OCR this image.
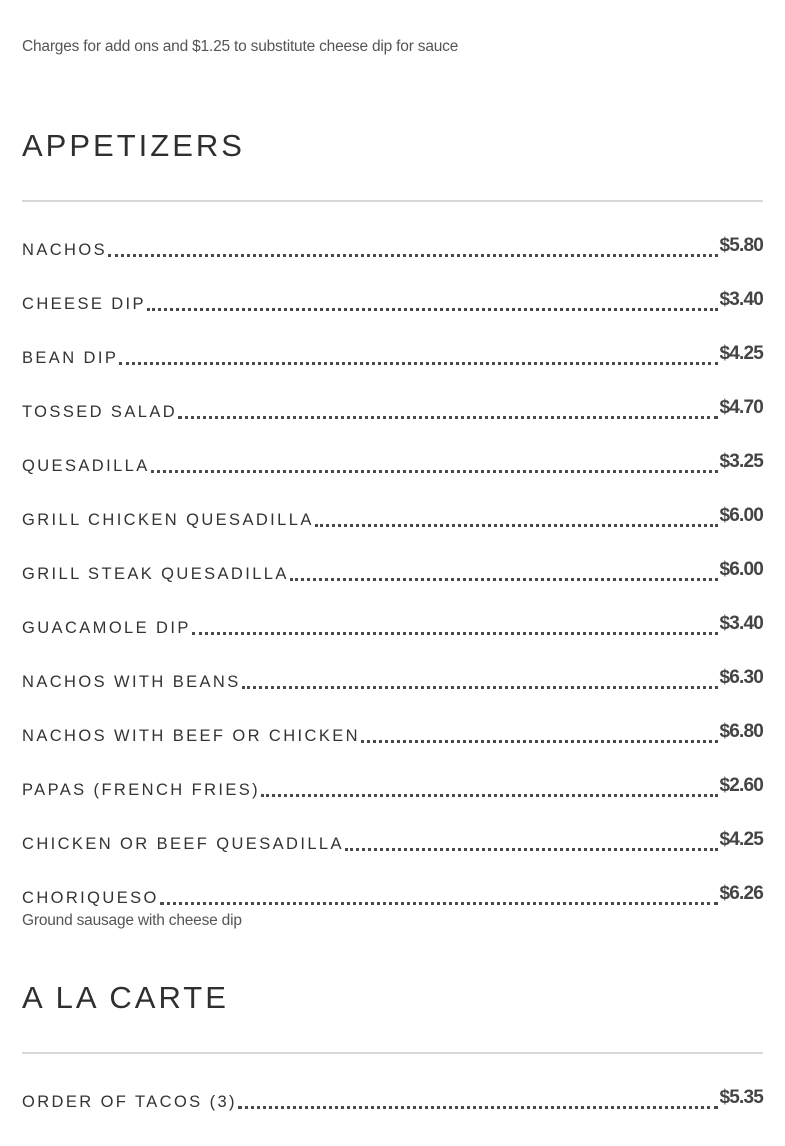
Charges for add ons and $1.25 to substitute cheese dip for sauce
APPETIZERS
NACHOS	$5.80
CHEESE DIP	$3.40
BEAN DIP	$4.25
TOSSED SALAD	$4.70
QUESADILLA	$3.25
GRILL CHICKEN QUESADILLA	$6.00
GRILL STEAK QUESADILLA	$6.00
GUACAMOLE DIP	$3.40
NACHOS WITH BEANS	$6.30
NACHOS WITH BEEF OR CHICKEN	$6.80
PAPAS (FRENCH FRIES)	$2.60
CHICKEN OR BEEF QUESADILLA	$4.25
CHORIQUESO	$6.26
Ground sausage with cheese dip
A LA CARTE
ORDER OF TACOS (3)	$5.35
